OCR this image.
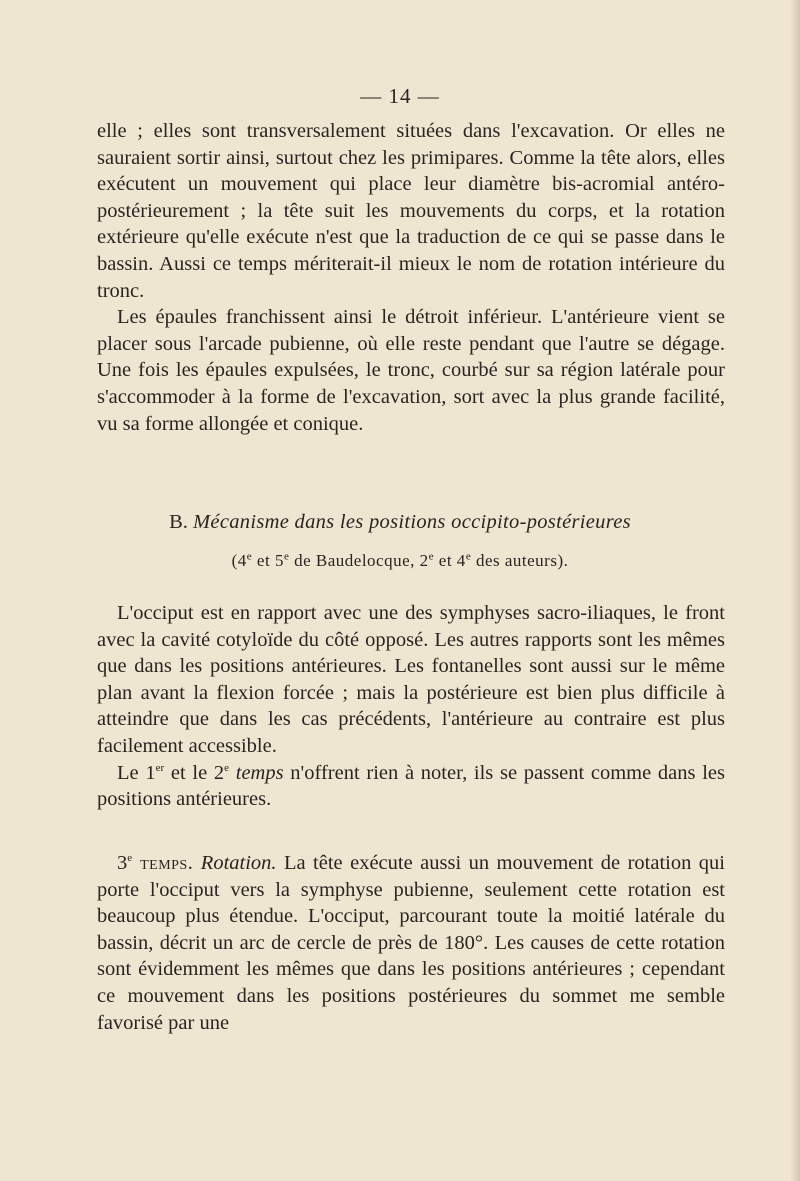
— 14 —

elle ; elles sont transversalement situées dans l'excavation. Or elles ne sauraient sortir ainsi, surtout chez les primipares. Comme la tête alors, elles exécutent un mouvement qui place leur diamètre bis-acromial antéro-postérieurement ; la tête suit les mouvements du corps, et la rotation extérieure qu'elle exécute n'est que la traduction de ce qui se passe dans le bassin. Aussi ce temps mériterait-il mieux le nom de rotation intérieure du tronc.

Les épaules franchissent ainsi le détroit inférieur. L'antérieure vient se placer sous l'arcade pubienne, où elle reste pendant que l'autre se dégage. Une fois les épaules expulsées, le tronc, courbé sur sa région latérale pour s'accommoder à la forme de l'excavation, sort avec la plus grande facilité, vu sa forme allongée et conique.

B. Mécanisme dans les positions occipito-postérieures
(4e et 5e de Baudelocque, 2e et 4e des auteurs).

L'occiput est en rapport avec une des symphyses sacro-iliaques, le front avec la cavité cotyloïde du côté opposé. Les autres rapports sont les mêmes que dans les positions antérieures. Les fontanelles sont aussi sur le même plan avant la flexion forcée ; mais la postérieure est bien plus difficile à atteindre que dans les cas précédents, l'antérieure au contraire est plus facilement accessible.

Le 1er et le 2e temps n'offrent rien à noter, ils se passent comme dans les positions antérieures.

3e temps. Rotation. La tête exécute aussi un mouvement de rotation qui porte l'occiput vers la symphyse pubienne, seulement cette rotation est beaucoup plus étendue. L'occiput, parcourant toute la moitié latérale du bassin, décrit un arc de cercle de près de 180°. Les causes de cette rotation sont évidemment les mêmes que dans les positions antérieures ; cependant ce mouvement dans les positions postérieures du sommet me semble favorisé par une
